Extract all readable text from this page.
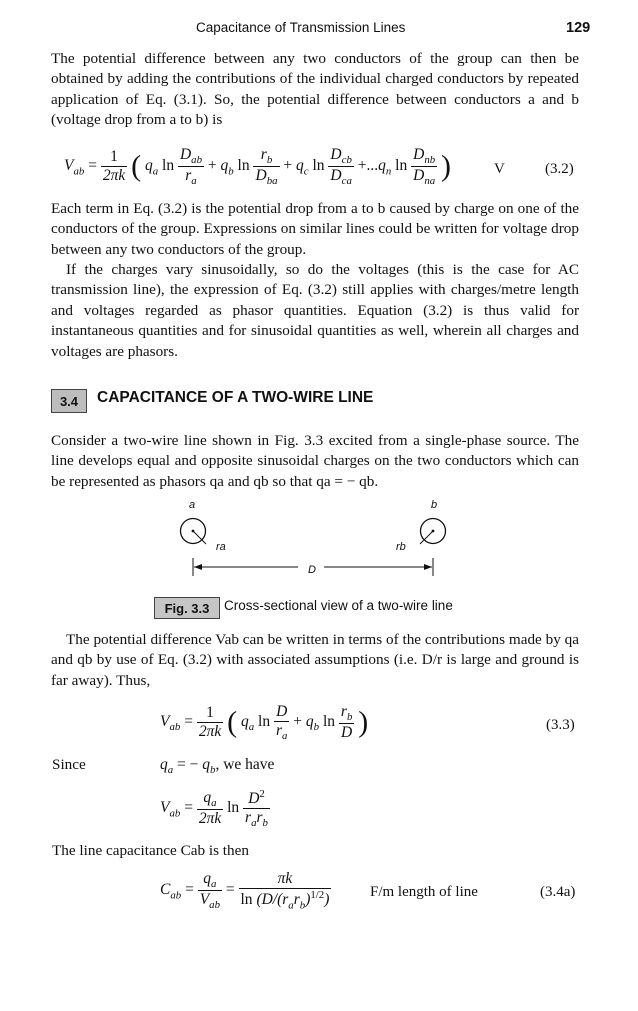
Capacitance of Transmission Lines	129
The potential difference between any two conductors of the group can then be obtained by adding the contributions of the individual charged conductors by repeated application of Eq. (3.1). So, the potential difference between conductors a and b (voltage drop from a to b) is
$V_{ab} = \frac{1}{2\pi k}$ ( $q_a$ $\ln \frac{D_{ab}}{r_a} + q_b$ $\ln \frac{r_b}{D_{ba}} + q_c$ $\ln \frac{D_{cb}}{D_{ca}} +...q_n$ $\ln \frac{D_{nb}}{D_{na}}$ )	V	(3.2)
Each term in Eq. (3.2) is the potential drop from a to b caused by charge on one of the conductors of the group. Expressions on similar lines could be written for voltage drop between any two conductors of the group.
If the charges vary sinusoidally, so do the voltages (this is the case for AC transmission line), the expression of Eq. (3.2) still applies with charges/metre length and voltages regarded as phasor quantities. Equation (3.2) is thus valid for instantaneous quantities and for sinusoidal quantities as well, wherein all charges and voltages are phasors.
3.4	CAPACITANCE OF A TWO-WIRE LINE
Consider a two-wire line shown in Fig. 3.3 excited from a single-phase source. The line develops equal and opposite sinusoidal charges on the two conductors which can be represented as phasors qa and qb so that qa = − qb.
a	b
ra	rb
D
Fig. 3.3	Cross-sectional view of a two-wire line
The potential difference Vab can be written in terms of the contributions made by qa and qb by use of Eq. (3.2) with associated assumptions (i.e. D/r is large and ground is far away). Thus,
$V_{ab} = \frac{1}{2\pi k}$ ( $q_a$ $\ln \frac{D}{r_a} + q_b$ $\ln \frac{r_b}{D}$ )	(3.3)
Since	$q_a$ = − $q_b$, we have
$V_{ab} = \frac{q_a}{2\pi k}$ $\ln \frac{D^2}{r_ar_b}$
The line capacitance Cab is then
$C_{ab} = \frac{q_a}{V_{ab}} = \frac{\pi k}{\ln (D/(r_ar_b)^{1/2})}$	F/m length of line	(3.4a)
